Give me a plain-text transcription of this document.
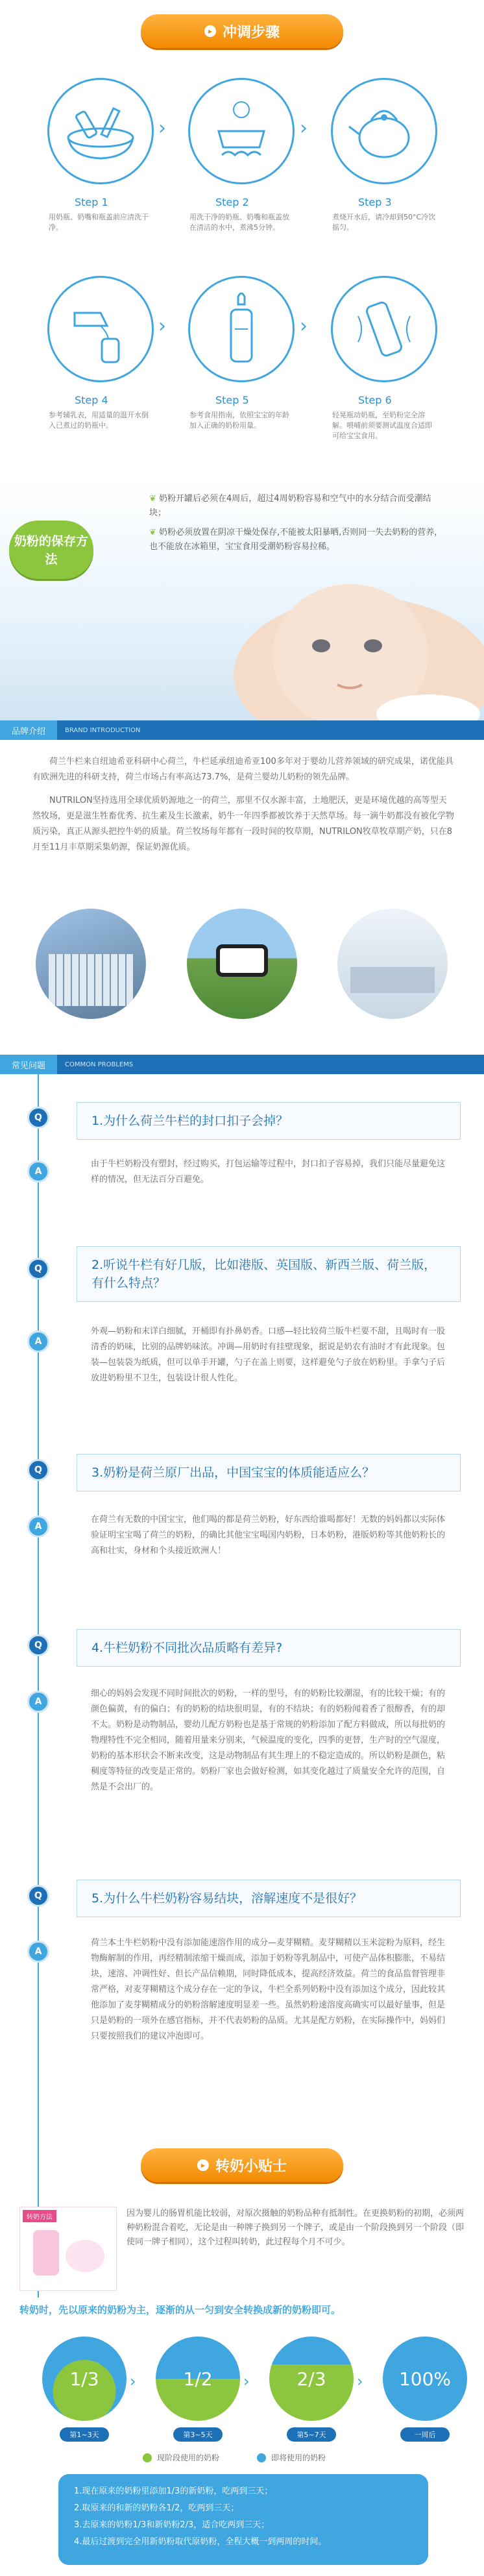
▸ 冲调步骤
Step 1
用奶瓶、奶嘴和瓶盖前应清洗干净。
›
Step 2
用洗干净的奶瓶、奶嘴和瓶盖放在清洁的水中，煮沸5分钟。
›
Step 3
煮烧开水后，请冷却到50°C冷饮摇匀。
Step 4
参考辅乳表，用适量的温开水倒入已煮过的奶瓶中。
›
Step 5
参考食用指南，依照宝宝的年龄加入正确的奶粉用量。
›
Step 6
轻晃瓶动奶瓶，至奶粉完全溶解。喂哺前须要测试温度合适即可给宝宝食用。
奶粉的保存方法
❦ 奶粉开罐后必须在4周后，超过4周奶粉容易和空气中的水分结合而受潮结块；
❦ 奶粉必须放置在阴凉干燥处保存,不能被太阳暴晒,否则同一失去奶粉的营养，也不能放在冰箱里，宝宝食用受潮奶粉容易拉稀。
品牌介绍	BRAND INTRODUCTION

荷兰牛栏来自纽迪希亚科研中心荷兰，牛栏延承纽迪希亚100多年对于婴幼儿营养领域的研究成果，诺优能具有欧洲先进的科研支持，荷兰市场占有率高达73.7%，是荷兰婴幼儿奶粉的领先品牌。

NUTRILON坚持选用全球优质奶源地之一的荷兰，那里不仅水源丰富，土地肥沃，更是环境优越的高等型天然牧场，更是滋生牲畜优秀、抗生素及生长激素，奶牛一年四季都被饮养于天然草场。每一滴牛奶都没有被化学物质污染，真正从源头把控牛奶的质量。荷兰牧场每年都有一段时间的牧草期，NUTRILON牧草牧草期产奶，只在8月至11月丰草期采集奶源，保证奶源优质。

常见问题	COMMON PROBLEMS
Q	1.为什么荷兰牛栏的封口扣子会掉？
A
由于牛栏奶粉没有塑封，经过购买，打包运输等过程中，封口扣子容易掉，我们只能尽量避免这样的情况，但无法百分百避免。
Q	2.听说牛栏有好几版，比如港版、英国版、新西兰版、荷兰版，有什么特点？
A
外观—奶粉和末详白细腻，开桶即有扑鼻奶香。口感—轻比较荷兰版牛栏要不甜，且喝时有一股清香的奶味，比别的品牌奶味浓。冲调—用奶时有挂壁现象，据说是奶农有油时才有此现象。包装—包装袋为纸质，但可以单手开罐，勺子在盖上则要，这样避免勺子放在奶粉里。手拿勺子后放进奶粉里不卫生，包装设计很人性化。
Q	3.奶粉是荷兰原厂出品，中国宝宝的体质能适应么？
A
在荷兰有无数的中国宝宝，他们喝的都是荷兰奶粉，好东西给谁喝都好！无数的妈妈都以实际体验证明宝宝喝了荷兰的奶粉，的确比其他宝宝喝国内奶粉，日本奶粉，港版奶粉等其他奶粉长的高和壮实，身材和个头接近欧洲人！
Q	4.牛栏奶粉不同批次品质略有差异?
A
细心的妈妈会发现不同时间批次的奶粉，一样的型号，有的奶粉比较潮湿，有的比较干燥；有的颜色偏黄，有的偏白；有的奶粉的结块很明显，有的不结块；有的奶粉闻着香了很醇香，有的却不太。奶粉是动物制品，婴幼儿配方奶粉也是基于常规的奶粉添加了配方料做成，所以每批奶的物理特性不完全相同，随着用量来分别来，气候温度的变化，四季的更替，生产时的空气湿度，奶粉的基本形状会不断来改变，这是动物制品有其生理上的不稳定造成的。所以奶粉是颜色，粘稠度等特征的改变是正常的。奶粉厂家也会做好检测，如其变化越过了质量安全允许的范围，自然是不会出厂的。
Q	5.为什么牛栏奶粉容易结块，溶解速度不是很好？
A
荷兰本土牛栏奶粉中没有添加能速溶作用的成分—麦芽糊精。麦芽糊精以玉米淀粉为原料，经生物酶解制的作用，再经精制浓缩干燥而成，添加于奶粉等乳制品中，可使产品体积膨胀，不易结块，速溶、冲调性好、但长产品信赖期，同时降低成本，提高经济效益。荷兰的食品监督管理非常严格，对麦芽糊精这个成分存在一定的争议，牛栏全系列奶粉中没有添加这个成分，因此较其他添加了麦芽糊精成分的奶粉溶解速度明显差一些。虽然奶粉速溶度高确实可以最好量事，但是只是奶粉的一项外在感官指标，并不代表奶粉的品质。尤其是配方奶粉，在实际操作中，妈妈们只要按照我们的建议冲泡即可。
▸ 转奶小贴士
转奶方法	因为婴儿的肠胃机能比较弱，对原次摄触的奶粉品种有抵制性。在更换奶粉的初期，必须两种奶粉混合着吃，无论是由一种牌子换到另一个牌子，或是由一个阶段换到另一个阶段（即使同一牌子相同），这个过程叫转奶，此过程每个月不可少。
转奶时，先以原来的奶粉为主，逐渐的从一匀到安全转换成新的奶粉即可。
1/3
第1~3天
›	1/2
第3~5天
›	2/3
第5~7天
›	100%
一周后
现阶段使用的奶粉	即将使用的奶粉
1.现在原来的奶粉里添加1/3的新奶粉，吃两到三天；
2.取原来的和新的奶粉各1/2，吃两到三天；
3.去原来的奶粉1/3和新奶粉2/3，适合吃两到三天；
4.最后过渡到完全用新奶粉取代原奶粉，全程大概一到两周的时间。
